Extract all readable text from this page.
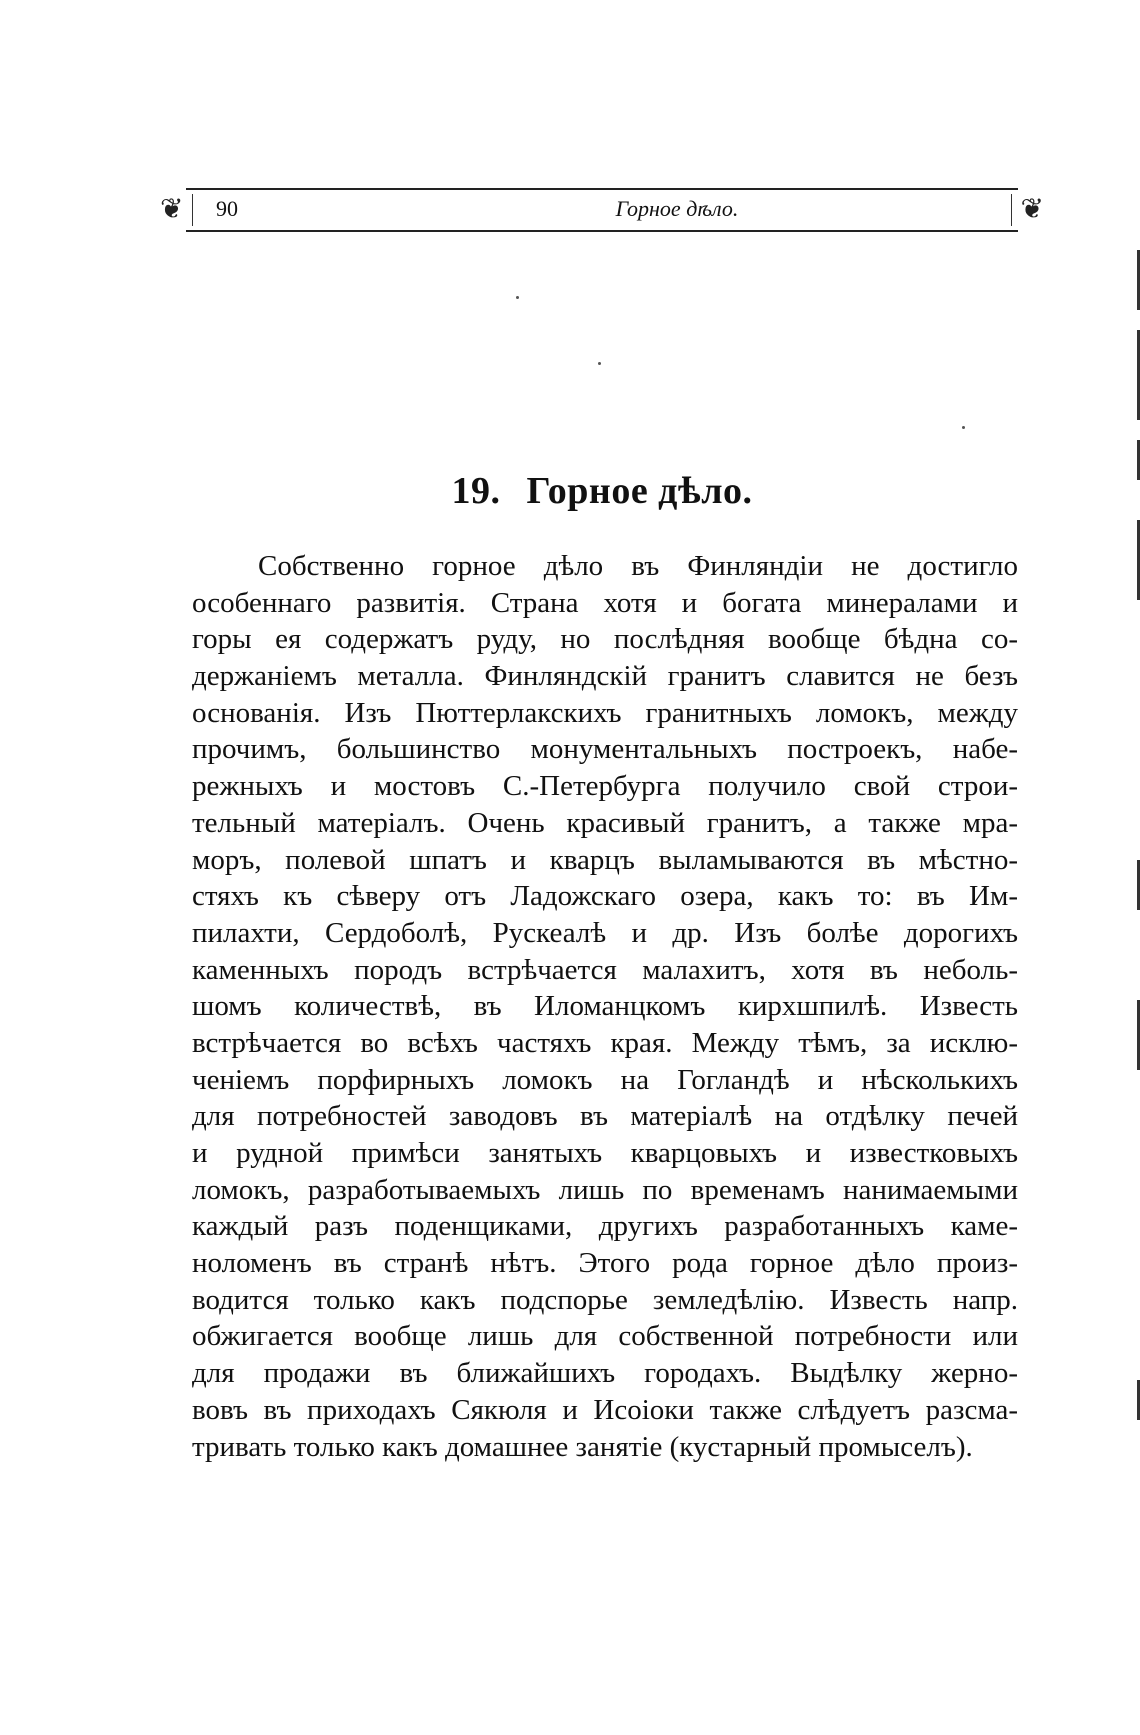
❦ 90	Горное дѣло.	❦
19. Горное дѣло.
Собственно горное дѣло въ Финляндіи не достигло
особеннаго развитія. Страна хотя и богата минералами и
горы ея содержатъ руду, но послѣдняя вообще бѣдна со-
держаніемъ металла. Финляндскій гранитъ славится не безъ
основанія. Изъ Пюттерлакскихъ гранитныхъ ломокъ, между
прочимъ, большинство монументальныхъ построекъ, набе-
режныхъ и мостовъ С.-Петербурга получило свой строи-
тельный матеріалъ. Очень красивый гранитъ, а также мра-
моръ, полевой шпатъ и кварцъ выламываются въ мѣстно-
стяхъ къ сѣверу отъ Ладожскаго озера, какъ то: въ Им-
пилахти, Сердоболѣ, Рускеалѣ и др. Изъ болѣе дорогихъ
каменныхъ породъ встрѣчается малахитъ, хотя въ неболь-
шомъ количествѣ, въ Иломанцкомъ кирхшпилѣ. Известь
встрѣчается во всѣхъ частяхъ края. Между тѣмъ, за исклю-
ченіемъ порфирныхъ ломокъ на Гогландѣ и нѣсколькихъ
для потребностей заводовъ въ матеріалѣ на отдѣлку печей
и рудной примѣси занятыхъ кварцовыхъ и известковыхъ
ломокъ, разработываемыхъ лишь по временамъ нанимаемыми
каждый разъ поденщиками, другихъ разработанныхъ каме-
ноломенъ въ странѣ нѣтъ. Этого рода горное дѣло произ-
водится только какъ подспорье земледѣлію. Известь напр.
обжигается вообще лишь для собственной потребности или
для продажи въ ближайшихъ городахъ. Выдѣлку жерно-
вовъ въ приходахъ Сякюля и Исоіоки также слѣдуетъ разсма-
тривать только какъ домашнее занятіе (кустарный промыселъ).
